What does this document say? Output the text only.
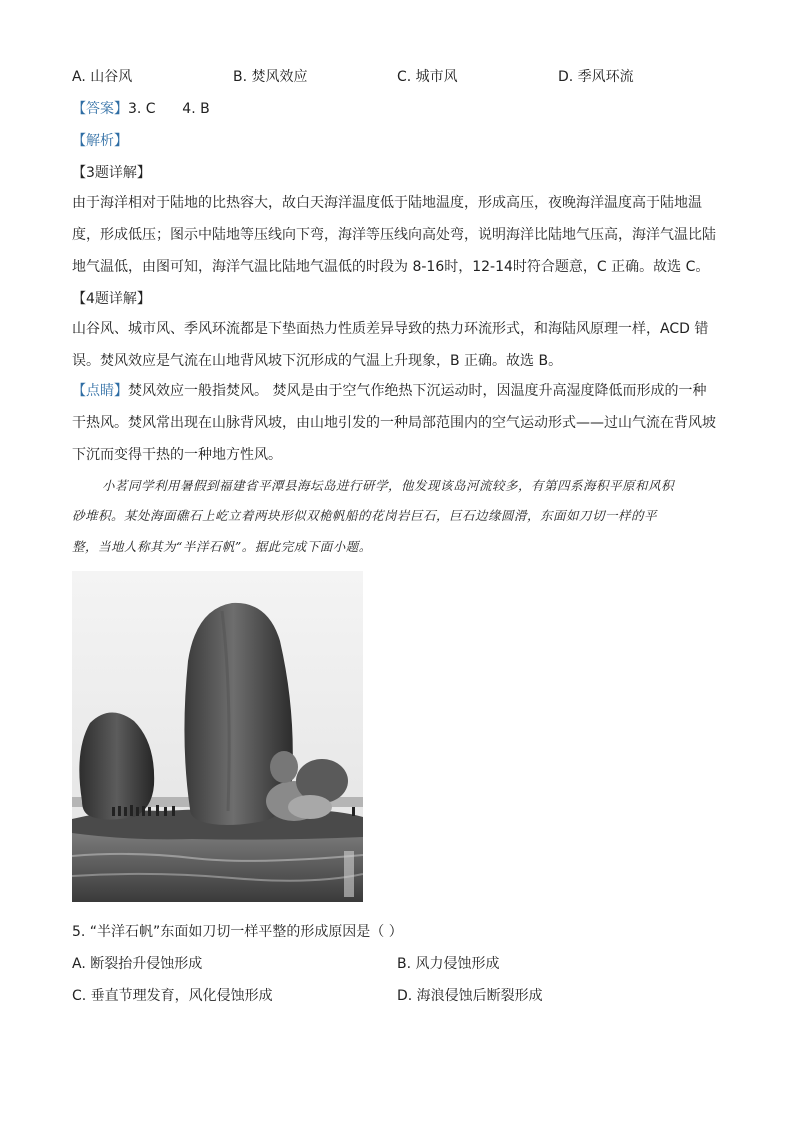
A. 山谷风	B. 焚风效应	C. 城市风	D. 季风环流
【答案】3. C      4. B
【解析】
【3题详解】
由于海洋相对于陆地的比热容大，故白天海洋温度低于陆地温度，形成高压，夜晚海洋温度高于陆地温
度，形成低压；图示中陆地等压线向下弯，海洋等压线向高处弯，说明海洋比陆地气压高，海洋气温比陆
地气温低，由图可知，海洋气温比陆地气温低的时段为 8-16时，12-14时符合题意，C 正确。故选 C。
【4题详解】
山谷风、城市风、季风环流都是下垫面热力性质差异导致的热力环流形式，和海陆风原理一样，ACD 错
误。焚风效应是气流在山地背风坡下沉形成的气温上升现象，B 正确。故选 B。
【点睛】焚风效应一般指焚风。 焚风是由于空气作绝热下沉运动时，因温度升高湿度降低而形成的一种
干热风。焚风常出现在山脉背风坡，由山地引发的一种局部范围内的空气运动形式——过山气流在背风坡
下沉而变得干热的一种地方性风。
小茗同学利用暑假到福建省平潭县海坛岛进行研学，他发现该岛河流较多，有第四系海积平原和风积
砂堆积。某处海面礁石上屹立着两块形似双桅帆船的花岗岩巨石，巨石边缘圆滑，东面如刀切一样的平
整，当地人称其为“半洋石帆”。据此完成下面小题。
5. “半洋石帆”东面如刀切一样平整的形成原因是（ ）
A. 断裂抬升侵蚀形成	B. 风力侵蚀形成
C. 垂直节理发育，风化侵蚀形成	D. 海浪侵蚀后断裂形成
